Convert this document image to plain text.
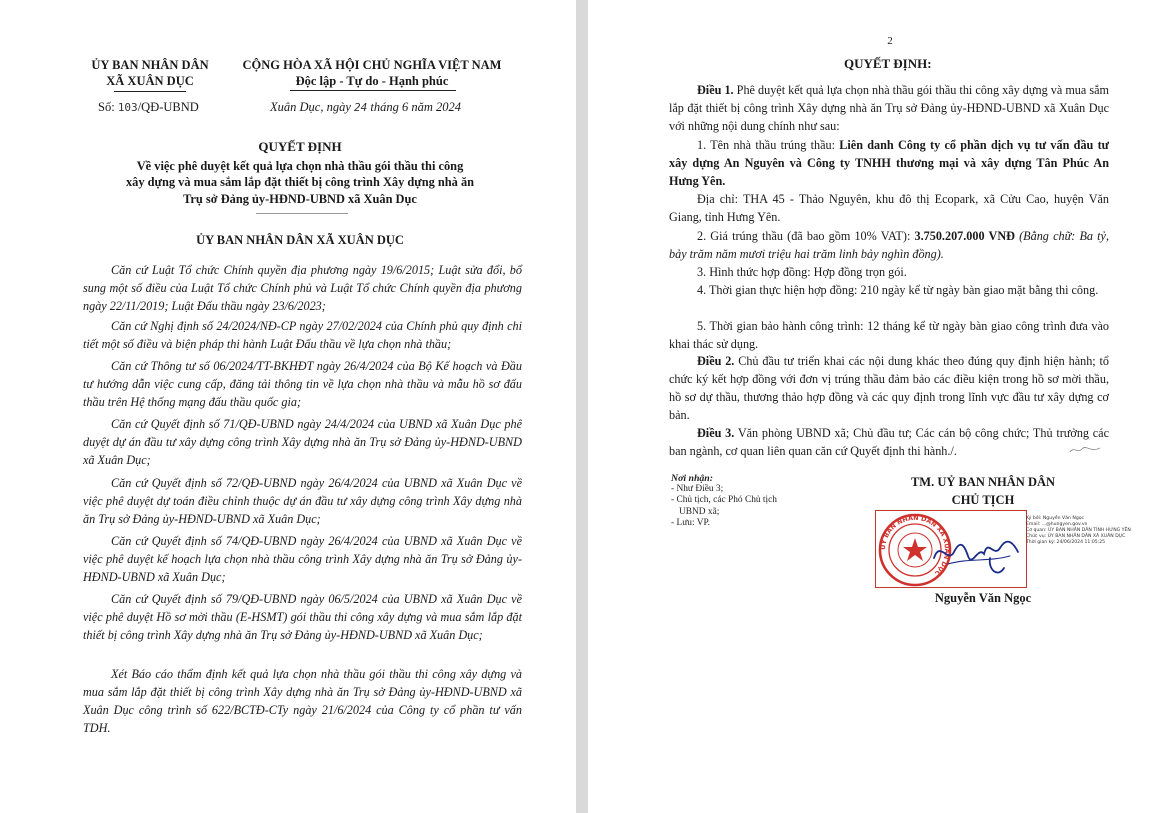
ỦY BAN NHÂN DÂN
XÃ XUÂN DỤC
CỘNG HÒA XÃ HỘI CHỦ NGHĨA VIỆT NAM
Độc lập - Tự do - Hạnh phúc
Số: 103/QĐ-UBND	Xuân Dục, ngày 24 tháng 6 năm 2024
QUYẾT ĐỊNH
Về việc phê duyệt kết quả lựa chọn nhà thầu gói thầu thi công
xây dựng và mua sắm lắp đặt thiết bị công trình Xây dựng nhà ăn
Trụ sở Đảng ủy-HĐND-UBND xã Xuân Dục
ỦY BAN NHÂN DÂN XÃ XUÂN DỤC
Căn cứ Luật Tổ chức Chính quyền địa phương ngày 19/6/2015; Luật sửa đổi, bổ sung một số điều của Luật Tổ chức Chính phủ và Luật Tổ chức Chính quyền địa phương ngày 22/11/2019; Luật Đấu thầu ngày 23/6/2023;
Căn cứ Nghị định số 24/2024/NĐ-CP ngày 27/02/2024 của Chính phủ quy định chi tiết một số điều và biện pháp thi hành Luật Đấu thầu về lựa chọn nhà thầu;
Căn cứ Thông tư số 06/2024/TT-BKHĐT ngày 26/4/2024 của Bộ Kế hoạch và Đầu tư hướng dẫn việc cung cấp, đăng tải thông tin về lựa chọn nhà thầu và mẫu hồ sơ đấu thầu trên Hệ thống mạng đấu thầu quốc gia;
Căn cứ Quyết định số 71/QĐ-UBND ngày 24/4/2024 của UBND xã Xuân Dục phê duyệt dự án đầu tư xây dựng công trình Xây dựng nhà ăn Trụ sở Đảng ủy-HĐND-UBND xã Xuân Dục;
Căn cứ Quyết định số 72/QĐ-UBND ngày 26/4/2024 của UBND xã Xuân Dục về việc phê duyệt dự toán điều chỉnh thuộc dự án đầu tư xây dựng công trình Xây dựng nhà ăn Trụ sở Đảng ủy-HĐND-UBND xã Xuân Dục;
Căn cứ Quyết định số 74/QĐ-UBND ngày 26/4/2024 của UBND xã Xuân Dục về việc phê duyệt kế hoạch lựa chọn nhà thầu công trình Xây dựng nhà ăn Trụ sở Đảng ủy-HĐND-UBND xã Xuân Dục;
Căn cứ Quyết định số 79/QĐ-UBND ngày 06/5/2024 của UBND xã Xuân Dục về việc phê duyệt Hồ sơ mời thầu (E-HSMT) gói thầu thi công xây dựng và mua sắm lắp đặt thiết bị công trình Xây dựng nhà ăn Trụ sở Đảng ủy-HĐND-UBND xã Xuân Dục;
Xét Báo cáo thẩm định kết quả lựa chọn nhà thầu gói thầu thi công xây dựng và mua sắm lắp đặt thiết bị công trình Xây dựng nhà ăn Trụ sở Đảng ủy-HĐND-UBND xã Xuân Dục công trình số 622/BCTĐ-CTy ngày 21/6/2024 của Công ty cổ phần tư vấn TDH.
2
QUYẾT ĐỊNH:
Điều 1. Phê duyệt kết quả lựa chọn nhà thầu gói thầu thi công xây dựng và mua sắm lắp đặt thiết bị công trình Xây dựng nhà ăn Trụ sở Đảng ủy-HĐND-UBND xã Xuân Dục với những nội dung chính như sau:
1. Tên nhà thầu trúng thầu: Liên danh Công ty cổ phần dịch vụ tư vấn đầu tư xây dựng An Nguyên và Công ty TNHH thương mại và xây dựng Tân Phúc An Hưng Yên.
Địa chỉ: THA 45 - Thảo Nguyên, khu đô thị Ecopark, xã Cửu Cao, huyện Văn Giang, tỉnh Hưng Yên.
2. Giá trúng thầu (đã bao gồm 10% VAT): 3.750.207.000 VNĐ (Bằng chữ: Ba tỷ, bảy trăm năm mươi triệu hai trăm linh bảy nghìn đồng).
3. Hình thức hợp đồng: Hợp đồng trọn gói.
4. Thời gian thực hiện hợp đồng: 210 ngày kể từ ngày bàn giao mặt bằng thi công.
5. Thời gian bảo hành công trình: 12 tháng kể từ ngày bàn giao công trình đưa vào khai thác sử dụng.
Điều 2. Chủ đầu tư triển khai các nội dung khác theo đúng quy định hiện hành; tổ chức ký kết hợp đồng với đơn vị trúng thầu đảm bảo các điều kiện trong hồ sơ mời thầu, hồ sơ dự thầu, thương thảo hợp đồng và các quy định trong lĩnh vực đầu tư xây dựng cơ bản.
Điều 3. Văn phòng UBND xã; Chủ đầu tư; Các cán bộ công chức; Thủ trưởng các ban ngành, cơ quan liên quan căn cứ Quyết định thi hành./.
Nơi nhận:
- Như Điều 3;
- Chủ tịch, các Phó Chủ tịch
UBND xã;
- Lưu: VP.
TM. UỶ BAN NHÂN DÂN
CHỦ TỊCH
UỶ BAN NHÂN DÂN XÃ XUÂN DỤC
Ký bởi: Nguyễn Văn Ngọc
Email: ...@hungyen.gov.vn
Cơ quan: ỦY BAN NHÂN DÂN TỈNH HƯNG YÊN
Chức vụ: ỦY BAN NHÂN DÂN XÃ XUÂN DỤC
Thời gian ký: 24/06/2024 11:05:25
Nguyễn Văn Ngọc
